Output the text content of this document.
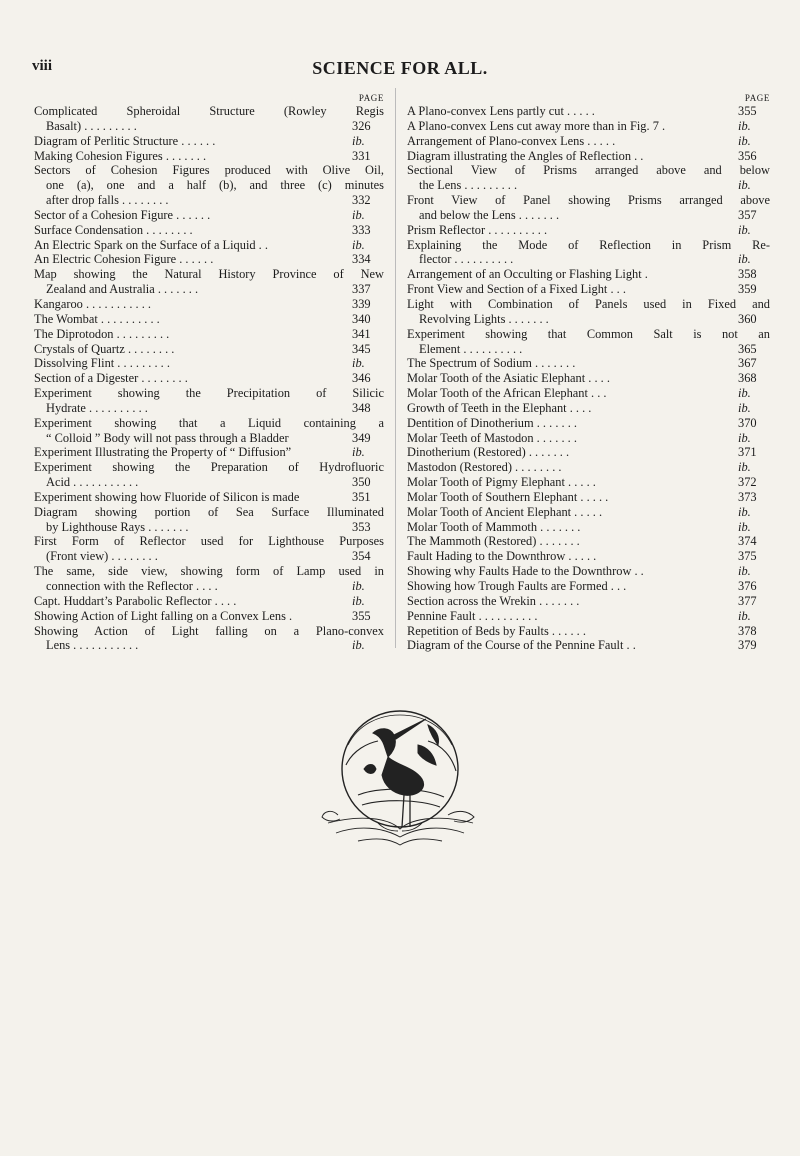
viii	SCIENCE FOR ALL.
PAGE
Complicated Spheroidal Structure (Rowley Regis
Basalt) . . . . . . . . .	326
Diagram of Perlitic Structure . . . . . .	ib.
Making Cohesion Figures . . . . . . .	331
Sectors of Cohesion Figures produced with Olive Oil,
one (a), one and a half (b), and three (c) minutes
after drop falls . . . . . . . .	332
Sector of a Cohesion Figure . . . . . .	ib.
Surface Condensation . . . . . . . .	333
An Electric Spark on the Surface of a Liquid . .	ib.
An Electric Cohesion Figure . . . . . .	334
Map showing the Natural History Province of New
Zealand and Australia . . . . . . .	337
Kangaroo . . . . . . . . . . .	339
The Wombat . . . . . . . . . .	340
The Diprotodon . . . . . . . . .	341
Crystals of Quartz . . . . . . . .	345
Dissolving Flint . . . . . . . . .	ib.
Section of a Digester . . . . . . . .	346
Experiment showing the Precipitation of Silicic
Hydrate . . . . . . . . . .	348
Experiment showing that a Liquid containing a
“ Colloid ” Body will not pass through a Bladder	349
Experiment Illustrating the Property of “ Diffusion”	ib.
Experiment showing the Preparation of Hydrofluoric
Acid . . . . . . . . . . .	350
Experiment showing how Fluoride of Silicon is made	351
Diagram showing portion of Sea Surface Illuminated
by Lighthouse Rays . . . . . . .	353
First Form of Reflector used for Lighthouse Purposes
(Front view) . . . . . . . .	354
The same, side view, showing form of Lamp used in
connection with the Reflector . . . .	ib.
Capt. Huddart’s Parabolic Reflector . . . .	ib.
Showing Action of Light falling on a Convex Lens .	355
Showing Action of Light falling on a Plano-convex
Lens . . . . . . . . . . .	ib.
PAGE
A Plano-convex Lens partly cut . . . . .	355
A Plano-convex Lens cut away more than in Fig. 7 .	ib.
Arrangement of Plano-convex Lens . . . . .	ib.
Diagram illustrating the Angles of Reflection . .	356
Sectional View of Prisms arranged above and below
the Lens . . . . . . . . .	ib.
Front View of Panel showing Prisms arranged above
and below the Lens . . . . . . .	357
Prism Reflector . . . . . . . . . .	ib.
Explaining the Mode of Reflection in Prism Re-
flector . . . . . . . . . .	ib.
Arrangement of an Occulting or Flashing Light .	358
Front View and Section of a Fixed Light . . .	359
Light with Combination of Panels used in Fixed and
Revolving Lights . . . . . . .	360
Experiment showing that Common Salt is not an
Element . . . . . . . . . .	365
The Spectrum of Sodium . . . . . . .	367
Molar Tooth of the Asiatic Elephant . . . .	368
Molar Tooth of the African Elephant . . .	ib.
Growth of Teeth in the Elephant . . . .	ib.
Dentition of Dinotherium . . . . . . .	370
Molar Teeth of Mastodon . . . . . . .	ib.
Dinotherium (Restored) . . . . . . .	371
Mastodon (Restored) . . . . . . . .	ib.
Molar Tooth of Pigmy Elephant . . . . .	372
Molar Tooth of Southern Elephant . . . . .	373
Molar Tooth of Ancient Elephant . . . . .	ib.
Molar Tooth of Mammoth . . . . . . .	ib.
The Mammoth (Restored) . . . . . . .	374
Fault Hading to the Downthrow . . . . .	375
Showing why Faults Hade to the Downthrow . .	ib.
Showing how Trough Faults are Formed . . .	376
Section across the Wrekin . . . . . . .	377
Pennine Fault . . . . . . . . . .	ib.
Repetition of Beds by Faults . . . . . .	378
Diagram of the Course of the Pennine Fault . .	379
